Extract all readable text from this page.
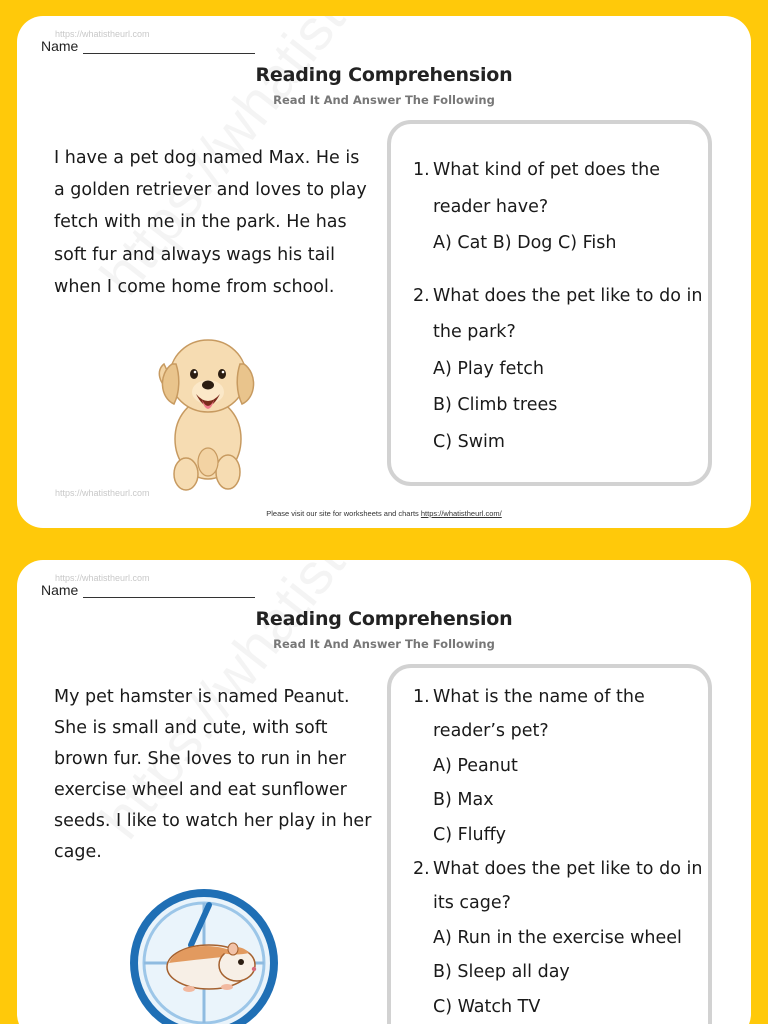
https://whatistheurl.com
Name
Reading Comprehension
Read It And Answer The Following
I have a pet dog named Max. He is a golden retriever and loves to play fetch with me in the park. He has soft fur and always wags his tail when I come home from school.
1. What kind of pet does the reader have?
A) Cat B) Dog C) Fish
2. What does the pet like to do in the park?
A) Play fetch
B) Climb trees
C) Swim
https://whatistheurl.com
Please visit our site for worksheets and charts https://whatistheurl.com/
https://whatistheurl.com
Name
Reading Comprehension
Read It And Answer The Following
My pet hamster is named Peanut. She is small and cute, with soft brown fur. She loves to run in her exercise wheel and eat sunflower seeds. I like to watch her play in her cage.
1. What is the name of the reader’s pet?
A) Peanut
B) Max
C) Fluffy
2. What does the pet like to do in its cage?
A) Run in the exercise wheel
B) Sleep all day
C) Watch TV
